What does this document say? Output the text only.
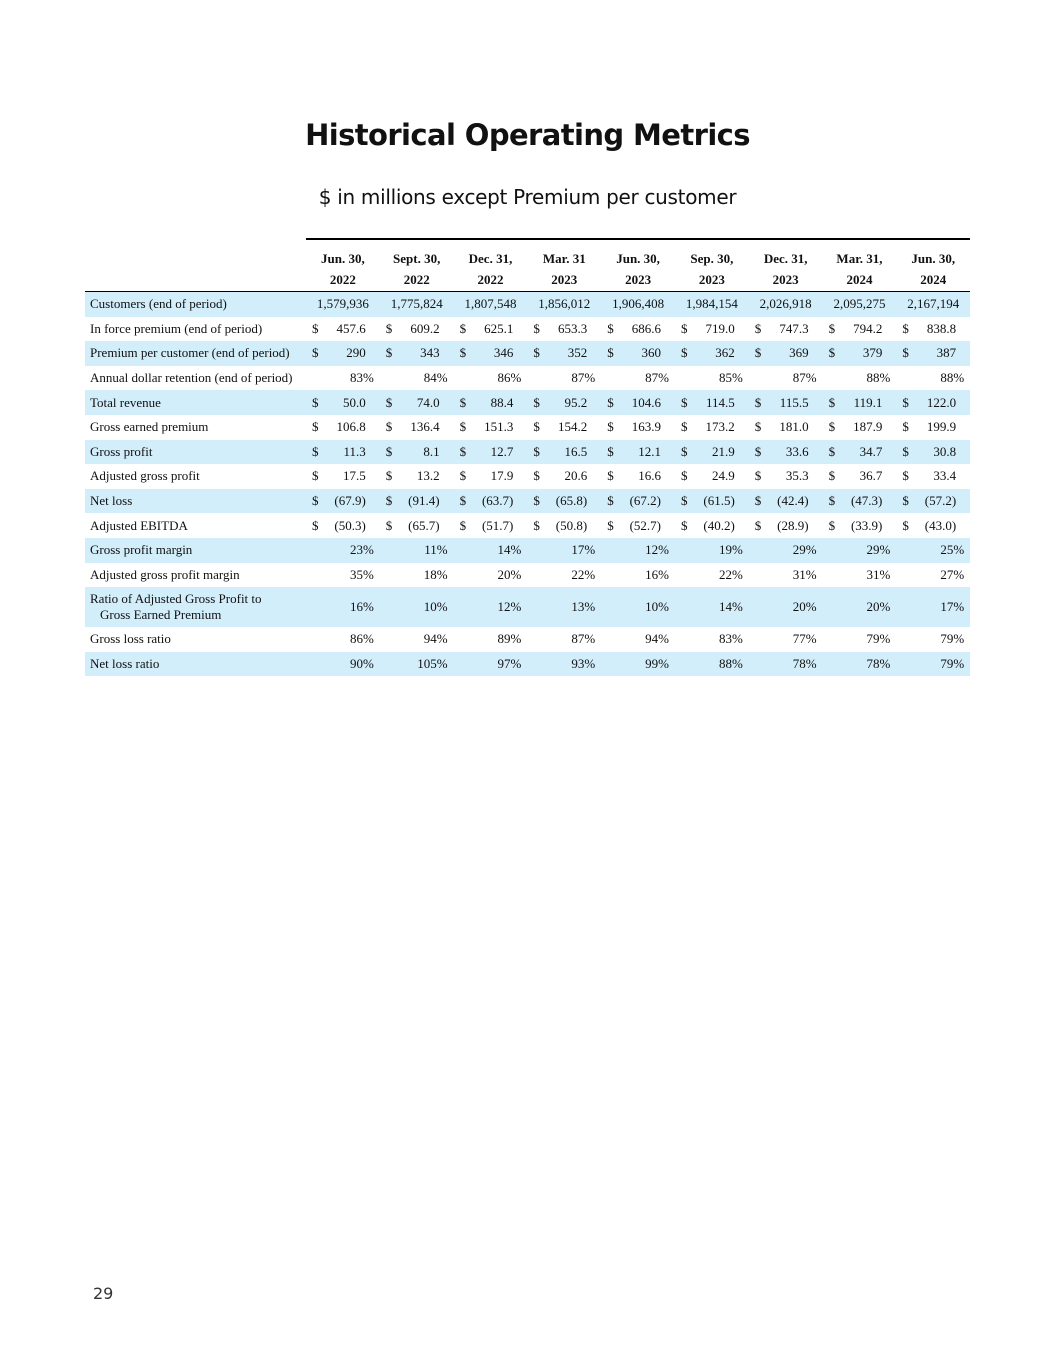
Historical Operating Metrics
$ in millions except Premium per customer
	Jun. 30,	Sept. 30,	Dec. 31,	Mar. 31	Jun. 30,	Sep. 30,	Dec. 31,	Mar. 31,	Jun. 30,
	2022	2022	2022	2023	2023	2023	2023	2024	2024
Customers (end of period)	1,579,936	1,775,824	1,807,548	1,856,012	1,906,408	1,984,154	2,026,918	2,095,275	2,167,194
In force premium (end of period)	$ 457.6	$ 609.2	$ 625.1	$ 653.3	$ 686.6	$ 719.0	$ 747.3	$ 794.2	$ 838.8

Premium per customer (end of period)	$ 290	$ 343	$ 346	$ 352	$ 360	$ 362	$ 369	$ 379	$ 387

Annual dollar retention (end of period)	83%	84%	86%	87%	87%	85%	87%	88%	88%
Total revenue	$ 50.0	$ 74.0	$ 88.4	$ 95.2	$ 104.6	$ 114.5	$ 115.5	$ 119.1	$ 122.0

Gross earned premium	$ 106.8	$ 136.4	$ 151.3	$ 154.2	$ 163.9	$ 173.2	$ 181.0	$ 187.9	$ 199.9

Gross profit	$ 11.3	$ 8.1	$ 12.7	$ 16.5	$ 12.1	$ 21.9	$ 33.6	$ 34.7	$ 30.8

Adjusted gross profit	$ 17.5	$ 13.2	$ 17.9	$ 20.6	$ 16.6	$ 24.9	$ 35.3	$ 36.7	$ 33.4

Net loss	$ (67.9)	$ (91.4)	$ (63.7)	$ (65.8)	$ (67.2)	$ (61.5)	$ (42.4)	$ (47.3)	$ (57.2)

Adjusted EBITDA	$ (50.3)	$ (65.7)	$ (51.7)	$ (50.8)	$ (52.7)	$ (40.2)	$ (28.9)	$ (33.9)	$ (43.0)

Gross profit margin	23%	11%	14%	17%	12%	19%	29%	29%	25%
Adjusted gross profit margin	35%	18%	20%	22%	16%	22%	31%	31%	27%

Ratio of Adjusted Gross Profit to
Gross Earned Premium	16%	10%	12%	13%	10%	14%	20%	20%	17%
Gross loss ratio	86%	94%	89%	87%	94%	83%	77%	79%	79%
Net loss ratio	90%	105%	97%	93%	99%	88%	78%	78%	79%
29
